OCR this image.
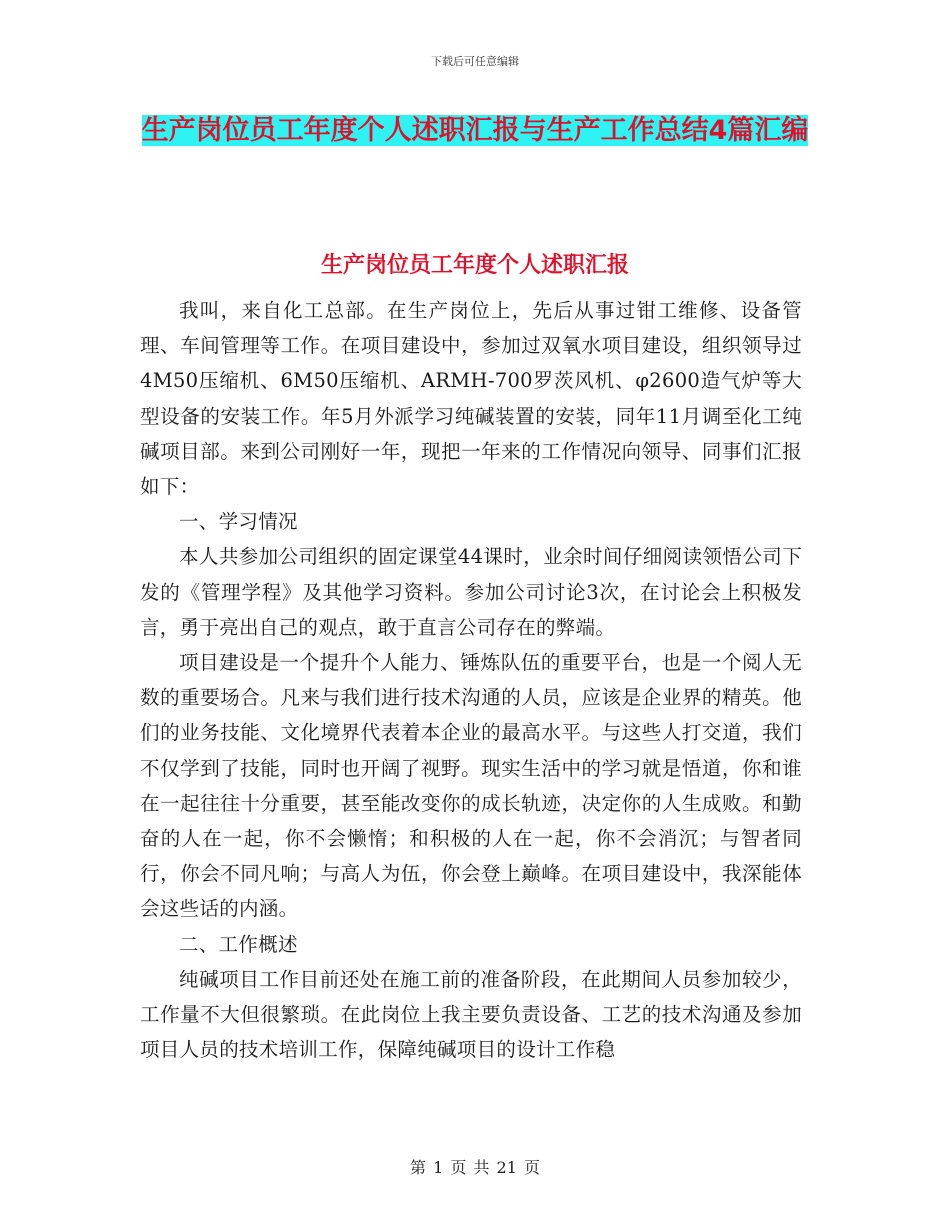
下载后可任意编辑
生产岗位员工年度个人述职汇报与生产工作总结4篇汇编
生产岗位员工年度个人述职汇报

我叫，来自化工总部。在生产岗位上，先后从事过钳工维修、设备管理、车间管理等工作。在项目建设中，参加过双氧水项目建设，组织领导过4M50压缩机、6M50压缩机、ARMH-700罗茨风机、φ2600造气炉等大型设备的安装工作。年5月外派学习纯碱装置的安装，同年11月调至化工纯碱项目部。来到公司刚好一年，现把一年来的工作情况向领导、同事们汇报如下：

一、学习情况

本人共参加公司组织的固定课堂44课时，业余时间仔细阅读领悟公司下发的《管理学程》及其他学习资料。参加公司讨论3次，在讨论会上积极发言，勇于亮出自己的观点，敢于直言公司存在的弊端。

项目建设是一个提升个人能力、锤炼队伍的重要平台，也是一个阅人无数的重要场合。凡来与我们进行技术沟通的人员，应该是企业界的精英。他们的业务技能、文化境界代表着本企业的最高水平。与这些人打交道，我们不仅学到了技能，同时也开阔了视野。现实生活中的学习就是悟道，你和谁在一起往往十分重要，甚至能改变你的成长轨迹，决定你的人生成败。和勤奋的人在一起，你不会懒惰；和积极的人在一起，你不会消沉；与智者同行，你会不同凡响；与高人为伍，你会登上巅峰。在项目建设中，我深能体会这些话的内涵。

二、工作概述

纯碱项目工作目前还处在施工前的准备阶段，在此期间人员参加较少，工作量不大但很繁琐。在此岗位上我主要负责设备、工艺的技术沟通及参加项目人员的技术培训工作，保障纯碱项目的设计工作稳

第 1 页 共 21 页
